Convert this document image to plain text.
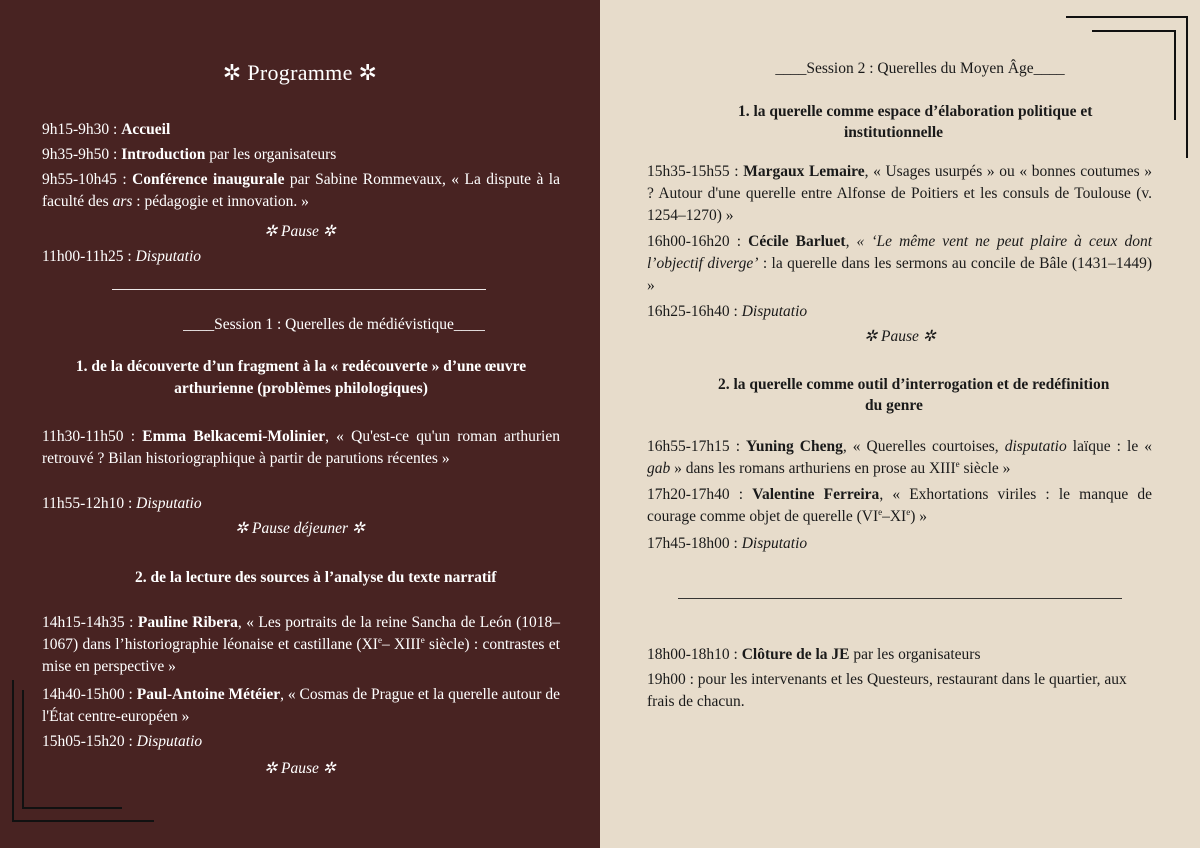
✲ Programme ✲

9h15-9h30 : Accueil

9h35-9h50 : Introduction par les organisateurs

9h55-10h45 : Conférence inaugurale par Sabine Rommevaux, « La dispute à la faculté des ars : pédagogie et innovation. »

✲ Pause ✲

11h00-11h25 : Disputatio

____Session 1 : Querelles de médiévistique____

1. de la découverte d’un fragment à la « redécouverte » d’une œuvre arthurienne (problèmes philologiques)

11h30-11h50 : Emma Belkacemi-Molinier, « Qu'est-ce qu'un roman arthurien retrouvé ? Bilan historiographique à partir de parutions récentes »

11h55-12h10 : Disputatio

✲ Pause déjeuner ✲

2. de la lecture des sources à l’analyse du texte narratif

14h15-14h35 : Pauline Ribera, « Les portraits de la reine Sancha de León (1018–1067) dans l’historiographie léonaise et castillane (XIe– XIIIe siècle) : contrastes et mise en perspective »

14h40-15h00 : Paul-Antoine Météier, « Cosmas de Prague et la querelle autour de l'État centre-européen »

15h05-15h20 : Disputatio

✲ Pause ✲

____Session 2 : Querelles du Moyen Âge____

1. la querelle comme espace d’élaboration politique et

institutionnelle

15h35-15h55 : Margaux Lemaire, « Usages usurpés » ou « bonnes coutumes » ? Autour d'une querelle entre Alfonse de Poitiers et les consuls de Toulouse (v. 1254–1270) »

16h00-16h20 : Cécile Barluet, « ‘Le même vent ne peut plaire à ceux dont l’objectif diverge’ : la querelle dans les sermons au concile de Bâle (1431–1449) »

16h25-16h40 : Disputatio

✲ Pause ✲

2. la querelle comme outil d’interrogation et de redéfinition

du genre

16h55-17h15 : Yuning Cheng, « Querelles courtoises, disputatio laïque : le « gab » dans les romans arthuriens en prose au XIIIe siècle »

17h20-17h40 : Valentine Ferreira, « Exhortations viriles : le manque de courage comme objet de querelle (VIe–XIe) »

17h45-18h00 : Disputatio

18h00-18h10 : Clôture de la JE par les organisateurs

19h00 : pour les intervenants et les Questeurs, restaurant dans le quartier, aux frais de chacun.
